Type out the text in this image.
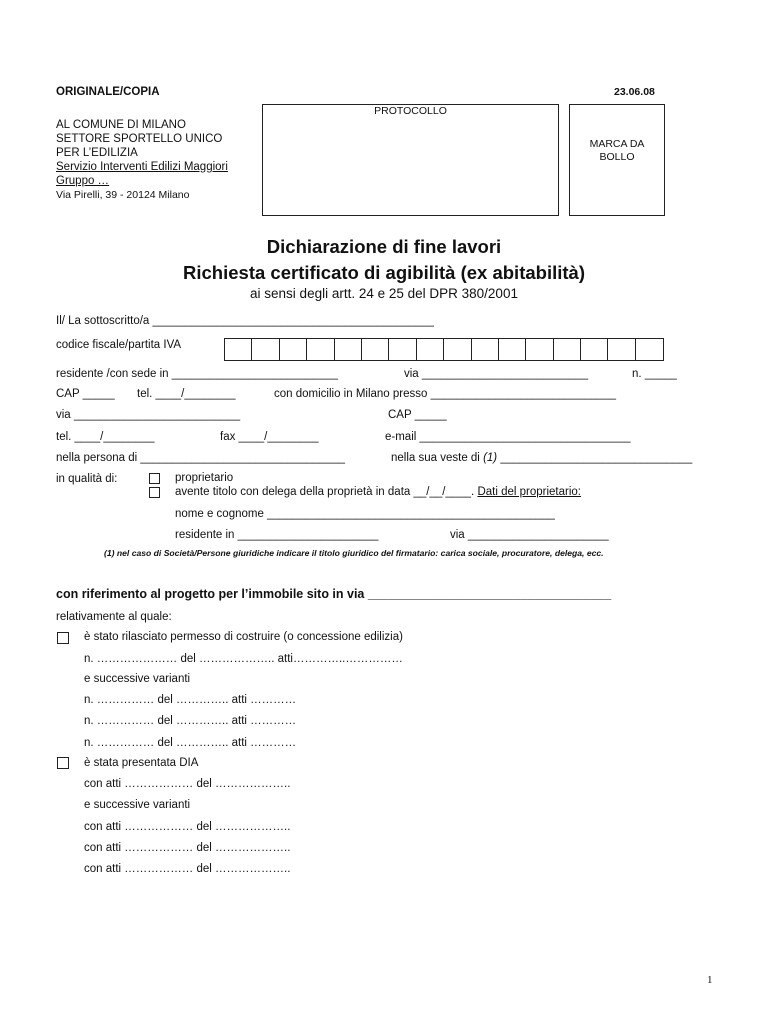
ORIGINALE/COPIA	23.06.08
AL COMUNE DI MILANO
SETTORE SPORTELLO UNICO
PER L’EDILIZIA
Servizio Interventi Edilizi Maggiori
Gruppo …
Via Pirelli, 39 - 20124 Milano
PROTOCOLLO
MARCA DA
BOLLO
Dichiarazione di fine lavori
Richiesta certificato di agibilità (ex abitabilità)
ai sensi degli artt. 24 e 25 del DPR 380/2001
Il/ La sottoscritto/a ____________________________________________
codice fiscale/partita IVA
residente /con sede in __________________________	via __________________________	n. _____
CAP _____ tel. ____/________	con domicilio in Milano presso _____________________________
via __________________________	CAP _____
tel. ____/________	fax ____/________	e-mail _________________________________
nella persona di ________________________________	nella sua veste di (1) ______________________________
in qualità di:	proprietario
avente titolo con delega della proprietà in data __/__/____. Dati del proprietario:
nome e cognome _____________________________________________
residente in ______________________	via ______________________
(1) nel caso di Società/Persone giuridiche indicare il titolo giuridico del firmatario: carica sociale, procuratore, delega, ecc.
con riferimento al progetto per l’immobile sito in via ___________________________________
relativamente al quale:
è stato rilasciato permesso di costruire (o concessione edilizia)
n. ………………… del ……………….. atti…………..……………
e successive varianti
n. …………… del ………….. atti …………
n. …………… del ………….. atti …………
n. …………… del ………….. atti …………
è stata presentata DIA
con atti ……………… del ………………..
e successive varianti
con atti ……………… del ………………..
con atti ……………… del ………………..
con atti ……………… del ………………..
1
